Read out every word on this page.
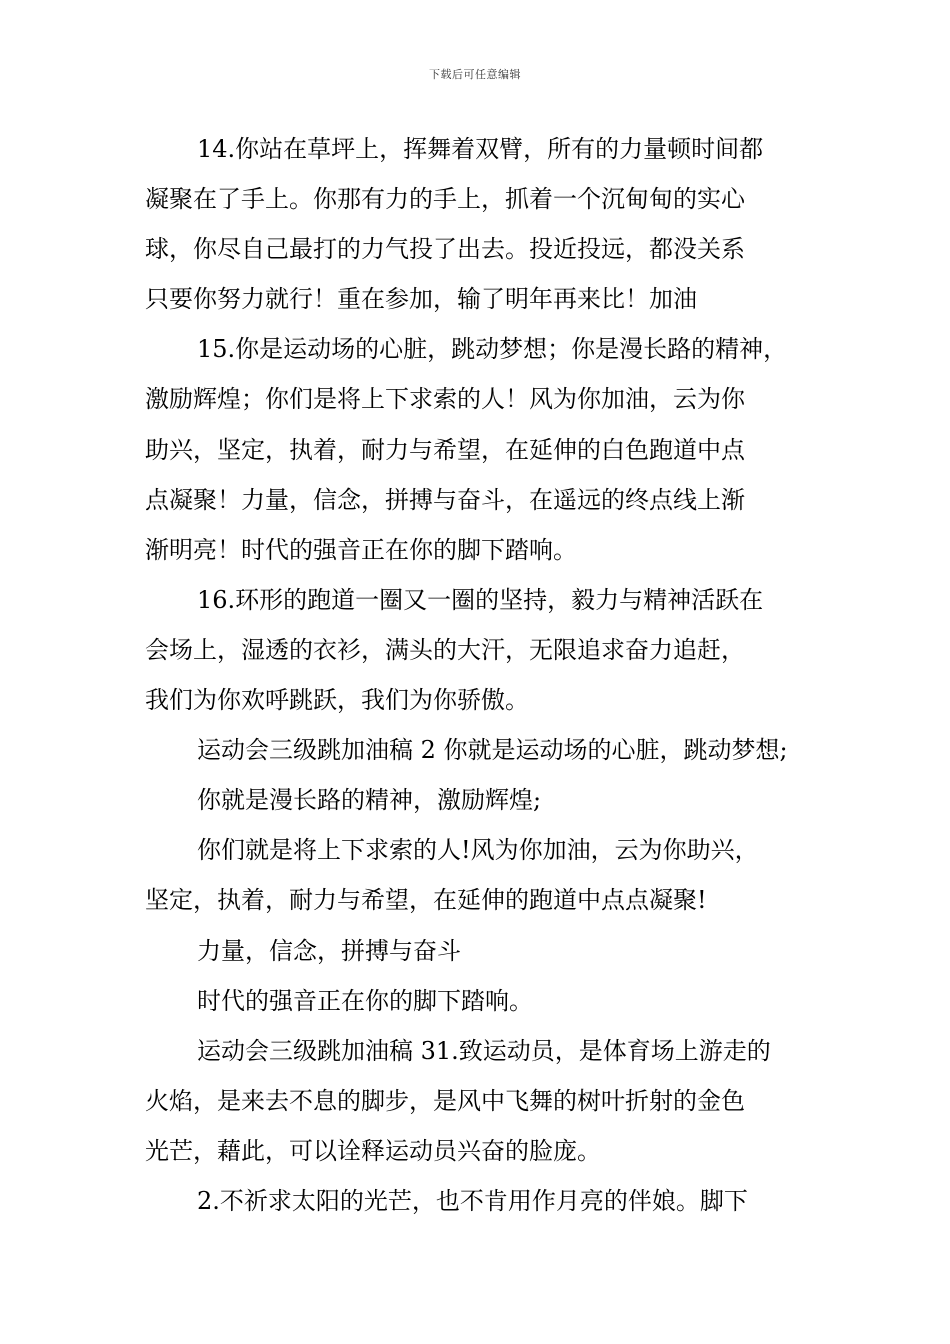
下载后可任意编辑
14.你站在草坪上，挥舞着双臂，所有的力量顿时间都
凝聚在了手上。你那有力的手上，抓着一个沉甸甸的实心
球，你尽自己最打的力气投了出去。投近投远，都没关系
只要你努力就行！重在参加，输了明年再来比！加油
15.你是运动场的心脏，跳动梦想；你是漫长路的精神，
激励辉煌；你们是将上下求索的人！风为你加油，云为你
助兴，坚定，执着，耐力与希望，在延伸的白色跑道中点
点凝聚！力量，信念，拼搏与奋斗，在遥远的终点线上渐
渐明亮！时代的强音正在你的脚下踏响。
16.环形的跑道一圈又一圈的坚持，毅力与精神活跃在
会场上，湿透的衣衫，满头的大汗，无限追求奋力追赶，
我们为你欢呼跳跃，我们为你骄傲。
运动会三级跳加油稿 2 你就是运动场的心脏，跳动梦想;
你就是漫长路的精神，激励辉煌;
你们就是将上下求索的人!风为你加油，云为你助兴，
坚定，执着，耐力与希望，在延伸的跑道中点点凝聚!
力量，信念，拼搏与奋斗
时代的强音正在你的脚下踏响。
运动会三级跳加油稿 31.致运动员，是体育场上游走的
火焰，是来去不息的脚步，是风中飞舞的树叶折射的金色
光芒，藉此，可以诠释运动员兴奋的脸庞。
2.不祈求太阳的光芒，也不肯用作月亮的伴娘。脚下
